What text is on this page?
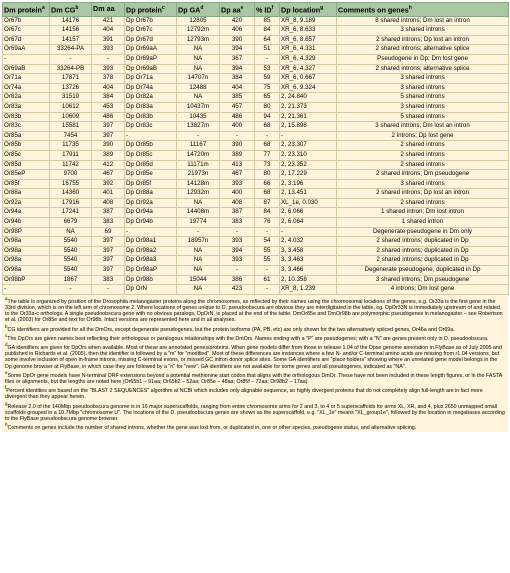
Dm protein$^a$	Dm $CG^b$	Dm aa	Dp protein$^c$	Dp $GA^d$	Dp $aa^e$	% $ID^f$	Dp location$^g$	Comments on genes$^h$
Or67b	14176	421	Dp Or67b	12805	420	85	XR_8, 9.189	8 shared introns; Dm lost an intron
Or67c	14156	404	Dp Or67c	12792m	406	84	XR_6, 8.633	3 shared introns
Or67d	14157	391	Dp Or67d	12793m	390	64	XR_6, 8.657	2 shared introns; Dp lost an intron
Or69aA	33264-PA	393	Dp Or69aA	NA	394	51	XR_6, 4.331	2 shared introns; alternative splice
-	-	-	Dp Or69aP	NA	367	-	XR_6, 4.329	Pseudogene in Dp; Dm lost gene
Or69aB	33264-PB	393	Dp Or69aB	NA	394	53	XR_6, 4.327	2 shared introns; alternative splice
Or71a	17871	378	Dp Or71a	14707n	384	59	XR_6, 0.667	3 shared introns
Or74a	13726	404	Dp Or74a	12488	404	75	XR_6, 9.324	3 shared introns
Or82a	31519	384	Dp Or82a	NA	385	65	2, 24.840	5 shared introns
Or83a	10612	453	Dp Or83a	10437m	457	80	2, 21.373	3 shared introns
Or83b	10609	486	Dp Or83b	10435	486	94	2, 21.361	5 shared introns
Or83c	15581	397	Dp Or83c	13827m	400	68	2, 15.898	3 shared introns; Dm lost an intron
Or85a	7454	397	-	-	-	-	-	2 introns; Dp lost gene
Or85b	11735	390	Dp Or85b	11167	390	68	2, 23.307	2 shared introns
Or85c	17911	389	Dp Or85c	14720m	389	77	2, 23.310	2 shared introns
Or85d	11742	412	Dp Or85d	11171m	413	73	2, 23.352	2 shared introns
Or85eP	9700	467	Dp Or85e	21973n	467	80	2, 17.229	2 shared introns; Dm pseudogene
Or85f	16755	392	Dp Or85f	14128m	393	66	2, 3.196	3 shared introns
Or88a	14360	401	Dp Or88a	12932m	400	68	2, 13.451	2 shared introns; Dp lost an intron
Or92a	17916	408	Dp Or92a	NA	408	87	XL_1e, 0.030	2 shared introns
Or94a	17241	387	Dp Or94a	14408m	387	84	2, 6.066	1 shared intron; Dm lost intron
Or94b	6679	383	Dp Or94b	19774	383	76	2, 6.064	1 shared intron
Or98P	NA	69	-	-	-	-	-	Degenerate pseudogene in Dm only
Or98a	5540	397	Dp Or98a1	18957n	393	54	2, 4.032	2 shared introns; duplicated in Dp
Or98a	5540	397	Dp Or98a2	NA	394	55	3, 3.458	2 shared introns; duplicated in Dp
Or98a	5540	397	Dp Or98a3	NA	393	55	3, 3.463	2 shared introns; duplicated in Dp
Or98a	5540	397	Dp Or98aP	NA	-	-	3, 3.466	Degenerate pseudogene; duplicated in Dp
Or98bP	1867	383	Dp Or98b	15044	386	61	2, 10.358	3 shared introns; Dm pseudogene
-	-	-	Dp OrN	NA	423	-	XR_8, 1.239	4 introns; Dm lost gene

$^a$The table is organized by position of the Drosophila melanogaster proteins along the chromosomes, as reflected by their names using the chromosomal locations of the genes, e.g. Or33a is the first gene in the 33rd division, which is on the left arm of chromosome 2. Where locations of genes unique to D. pseudoobscura are obvious they are interdigitated in the table, eg. DpOr33N is immediately upstream of and related to the Or33a-c orthologs. A single pseudoobscura gene with no obvious paralogs, DpOrN, is placed at the end of the table. DmOr85e and DmOr98b are polymorphic pseudogenes in melanogaster – see Robertson et al. (2003) for Or85e and text for Or98b. Intact versions are represented here and in all analyses.

$^b$CG identifiers are provided for all the DmOrs, except degenerate pseudogenes, but the protein isoforms (PA, PB, etc) are only shown for the two alternatively spliced genes, Or46a and Or69a.

$^c$The DpOrs are given names best reflecting their orthologous or paralogous relationships with the DmOrs. Names ending with a "P" are pseudogenes; with a "N" are genes present only in D. pseudoobscura.

$^d$GA identifiers are given for DpOrs when available. Most of these are annotated genes/proteins. When gene models differ from those in release 1.04 of the Dpse genome annotation in FlyBase as of July 2005 and published in Richards et al. (2005), then the identifier is followed by a "m" for "modified". Most of these differences are instances where a few N- and/or C-terminal amino acids are missing from r1.04 versions, but some involve inclusion of open in-frame introns, missing C-terminal exons, or missed GC intron donor splice sites. Some GA identifiers are "place holders" showing where an unrelated gene model belongs in the Dp genome browser at FlyBase, in which case they are followed by a "n" for "new". GA identifiers are not available for some genes and all pseudogenes, indicated as "NA".

$^e$Some DpOr gene models have N-terminal ORF extensions beyond a potential methionine start codon that aligns with the orthologous DmOr. These have not been included in these length figures, or in the FASTA files or alignments, but the lengths are noted here (Or65b1 – 91aa; Or65b2 – 52aa; Or85e – 48aa; Or85f – 72aa; Or98b2 – 17aa).

$^f$Percent identities are based on the "BLAST 2 SEQUENCES" algorithm at NCBI which includes only alignable sequence, so highly divergent proteins that do not completely align full-length are in fact more divergent than they appear herein.

$^g$Release 2.0 of the 140Mbp pseudoobscura genome is in 16 major superscaffolds, ranging from entire chromosome arms for 2 and 3, to 4 or 5 superscaffolds for arms XL, XR, and 4, plus 2650 unmapped small scaffolds grouped in a 10.7Mbp "chromosome U". The locations of the D. pseudoobscura genes are shown as the superscaffold, e.g. "XL_1e" means "XL_group1e", followed by the location in megabases according to the FlyBase pseudoobscura genome browser.

$^h$Comments on genes include the number of shared introns, whether the gene was lost from, or duplicated in, one or other species, pseudogene status, and alternative splicing.
